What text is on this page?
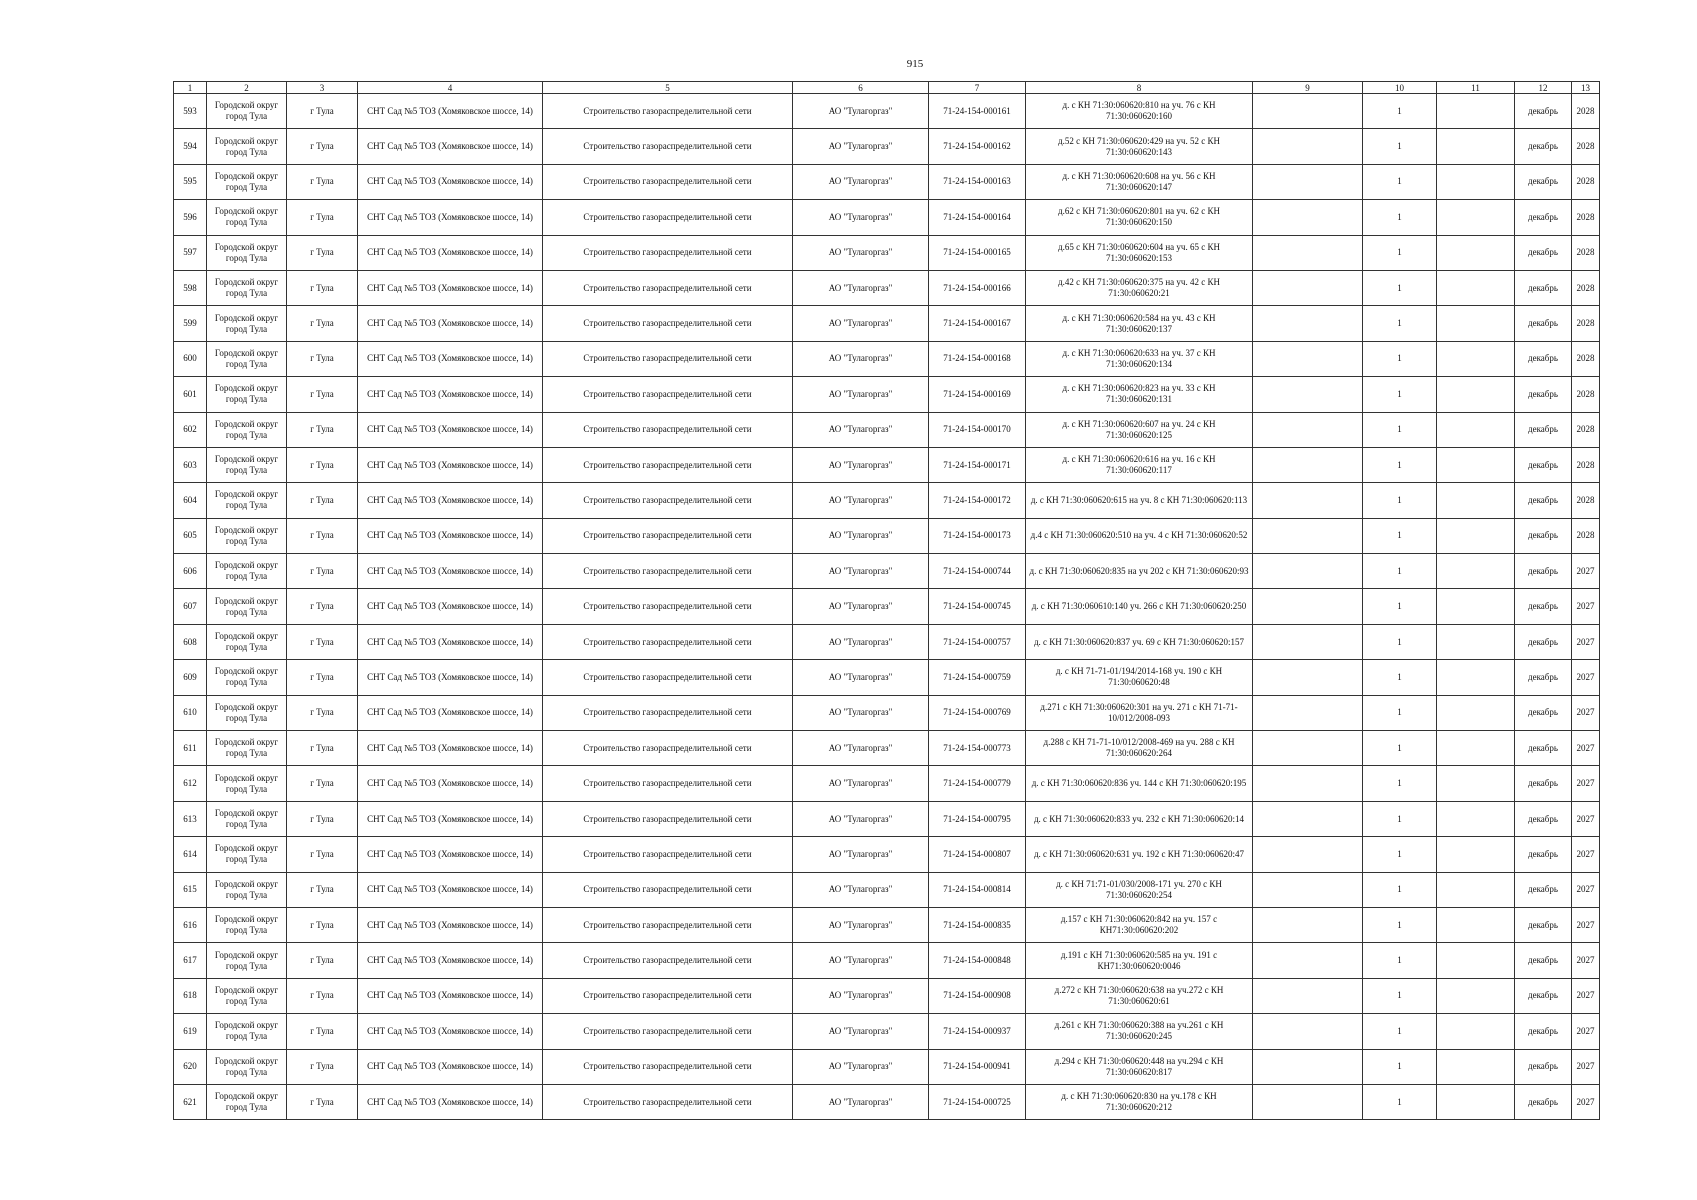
915
1	2	3	4	5	6	7	8	9	10	11	12	13
593	Городской округ город Тула	г Тула	СНТ Сад №5 ТОЗ (Хомяковское шоссе, 14)	Строительство газораспределительной сети	АО "Тулагоргаз"	71-24-154-000161	д. с КН 71:30:060620:810 на уч. 76 с КН 71:30:060620:160		1		декабрь	2028
594	Городской округ город Тула	г Тула	СНТ Сад №5 ТОЗ (Хомяковское шоссе, 14)	Строительство газораспределительной сети	АО "Тулагоргаз"	71-24-154-000162	д.52 с КН 71:30:060620:429 на уч. 52 с КН 71:30:060620:143		1		декабрь	2028
595	Городской округ город Тула	г Тула	СНТ Сад №5 ТОЗ (Хомяковское шоссе, 14)	Строительство газораспределительной сети	АО "Тулагоргаз"	71-24-154-000163	д. с КН 71:30:060620:608 на уч. 56 с КН 71:30:060620:147		1		декабрь	2028
596	Городской округ город Тула	г Тула	СНТ Сад №5 ТОЗ (Хомяковское шоссе, 14)	Строительство газораспределительной сети	АО "Тулагоргаз"	71-24-154-000164	д.62 с КН 71:30:060620:801 на уч. 62 с КН 71:30:060620:150		1		декабрь	2028
597	Городской округ город Тула	г Тула	СНТ Сад №5 ТОЗ (Хомяковское шоссе, 14)	Строительство газораспределительной сети	АО "Тулагоргаз"	71-24-154-000165	д.65 с КН 71:30:060620:604 на уч. 65 с КН 71:30:060620:153		1		декабрь	2028
598	Городской округ город Тула	г Тула	СНТ Сад №5 ТОЗ (Хомяковское шоссе, 14)	Строительство газораспределительной сети	АО "Тулагоргаз"	71-24-154-000166	д.42 с КН 71:30:060620:375 на уч. 42 с КН 71:30:060620:21		1		декабрь	2028
599	Городской округ город Тула	г Тула	СНТ Сад №5 ТОЗ (Хомяковское шоссе, 14)	Строительство газораспределительной сети	АО "Тулагоргаз"	71-24-154-000167	д. с КН 71:30:060620:584 на уч. 43 с КН 71:30:060620:137		1		декабрь	2028
600	Городской округ город Тула	г Тула	СНТ Сад №5 ТОЗ (Хомяковское шоссе, 14)	Строительство газораспределительной сети	АО "Тулагоргаз"	71-24-154-000168	д. с КН 71:30:060620:633 на уч. 37 с КН 71:30:060620:134		1		декабрь	2028
601	Городской округ город Тула	г Тула	СНТ Сад №5 ТОЗ (Хомяковское шоссе, 14)	Строительство газораспределительной сети	АО "Тулагоргаз"	71-24-154-000169	д. с КН 71:30:060620:823 на уч. 33 с КН 71:30:060620:131		1		декабрь	2028
602	Городской округ город Тула	г Тула	СНТ Сад №5 ТОЗ (Хомяковское шоссе, 14)	Строительство газораспределительной сети	АО "Тулагоргаз"	71-24-154-000170	д. с КН 71:30:060620:607 на уч. 24 с КН 71:30:060620:125		1		декабрь	2028
603	Городской округ город Тула	г Тула	СНТ Сад №5 ТОЗ (Хомяковское шоссе, 14)	Строительство газораспределительной сети	АО "Тулагоргаз"	71-24-154-000171	д. с КН 71:30:060620:616 на уч. 16 с КН 71:30:060620:117		1		декабрь	2028
604	Городской округ город Тула	г Тула	СНТ Сад №5 ТОЗ (Хомяковское шоссе, 14)	Строительство газораспределительной сети	АО "Тулагоргаз"	71-24-154-000172	д. с КН 71:30:060620:615 на уч. 8 с КН 71:30:060620:113		1		декабрь	2028
605	Городской округ город Тула	г Тула	СНТ Сад №5 ТОЗ (Хомяковское шоссе, 14)	Строительство газораспределительной сети	АО "Тулагоргаз"	71-24-154-000173	д.4 с КН 71:30:060620:510 на уч. 4 с КН 71:30:060620:52		1		декабрь	2028
606	Городской округ город Тула	г Тула	СНТ Сад №5 ТОЗ (Хомяковское шоссе, 14)	Строительство газораспределительной сети	АО "Тулагоргаз"	71-24-154-000744	д. с КН 71:30:060620:835 на уч 202 с КН 71:30:060620:93		1		декабрь	2027
607	Городской округ город Тула	г Тула	СНТ Сад №5 ТОЗ (Хомяковское шоссе, 14)	Строительство газораспределительной сети	АО "Тулагоргаз"	71-24-154-000745	д. с КН 71:30:060610:140 уч. 266 с КН 71:30:060620:250		1		декабрь	2027
608	Городской округ город Тула	г Тула	СНТ Сад №5 ТОЗ (Хомяковское шоссе, 14)	Строительство газораспределительной сети	АО "Тулагоргаз"	71-24-154-000757	д. с КН 71:30:060620:837 уч. 69 с КН 71:30:060620:157		1		декабрь	2027
609	Городской округ город Тула	г Тула	СНТ Сад №5 ТОЗ (Хомяковское шоссе, 14)	Строительство газораспределительной сети	АО "Тулагоргаз"	71-24-154-000759	д. с КН 71-71-01/194/2014-168 уч. 190 с КН 71:30:060620:48		1		декабрь	2027
610	Городской округ город Тула	г Тула	СНТ Сад №5 ТОЗ (Хомяковское шоссе, 14)	Строительство газораспределительной сети	АО "Тулагоргаз"	71-24-154-000769	д.271 с КН 71:30:060620:301 на уч. 271 с КН 71-71-10/012/2008-093		1		декабрь	2027
611	Городской округ город Тула	г Тула	СНТ Сад №5 ТОЗ (Хомяковское шоссе, 14)	Строительство газораспределительной сети	АО "Тулагоргаз"	71-24-154-000773	д.288 с КН 71-71-10/012/2008-469 на уч. 288 с КН 71:30:060620:264		1		декабрь	2027
612	Городской округ город Тула	г Тула	СНТ Сад №5 ТОЗ (Хомяковское шоссе, 14)	Строительство газораспределительной сети	АО "Тулагоргаз"	71-24-154-000779	д. с КН 71:30:060620:836 уч. 144 с КН 71:30:060620:195		1		декабрь	2027
613	Городской округ город Тула	г Тула	СНТ Сад №5 ТОЗ (Хомяковское шоссе, 14)	Строительство газораспределительной сети	АО "Тулагоргаз"	71-24-154-000795	д. с КН 71:30:060620:833 уч. 232 с КН 71:30:060620:14		1		декабрь	2027
614	Городской округ город Тула	г Тула	СНТ Сад №5 ТОЗ (Хомяковское шоссе, 14)	Строительство газораспределительной сети	АО "Тулагоргаз"	71-24-154-000807	д. с КН 71:30:060620:631 уч. 192 с КН 71:30:060620:47		1		декабрь	2027
615	Городской округ город Тула	г Тула	СНТ Сад №5 ТОЗ (Хомяковское шоссе, 14)	Строительство газораспределительной сети	АО "Тулагоргаз"	71-24-154-000814	д. с КН 71:71-01/030/2008-171 уч. 270 с КН 71:30:060620:254		1		декабрь	2027
616	Городской округ город Тула	г Тула	СНТ Сад №5 ТОЗ (Хомяковское шоссе, 14)	Строительство газораспределительной сети	АО "Тулагоргаз"	71-24-154-000835	д.157 с КН 71:30:060620:842 на уч. 157 с КН71:30:060620:202		1		декабрь	2027
617	Городской округ город Тула	г Тула	СНТ Сад №5 ТОЗ (Хомяковское шоссе, 14)	Строительство газораспределительной сети	АО "Тулагоргаз"	71-24-154-000848	д.191 с КН 71:30:060620:585 на уч. 191 с КН71:30:060620:0046		1		декабрь	2027
618	Городской округ город Тула	г Тула	СНТ Сад №5 ТОЗ (Хомяковское шоссе, 14)	Строительство газораспределительной сети	АО "Тулагоргаз"	71-24-154-000908	д.272 с КН 71:30:060620:638 на уч.272 с КН 71:30:060620:61		1		декабрь	2027
619	Городской округ город Тула	г Тула	СНТ Сад №5 ТОЗ (Хомяковское шоссе, 14)	Строительство газораспределительной сети	АО "Тулагоргаз"	71-24-154-000937	д.261 с КН 71:30:060620:388 на уч.261 с КН 71:30:060620:245		1		декабрь	2027
620	Городской округ город Тула	г Тула	СНТ Сад №5 ТОЗ (Хомяковское шоссе, 14)	Строительство газораспределительной сети	АО "Тулагоргаз"	71-24-154-000941	д.294 с КН 71:30:060620:448 на уч.294 с КН 71:30:060620:817		1		декабрь	2027
621	Городской округ город Тула	г Тула	СНТ Сад №5 ТОЗ (Хомяковское шоссе, 14)	Строительство газораспределительной сети	АО "Тулагоргаз"	71-24-154-000725	д. с КН 71:30:060620:830 на уч.178 с КН 71:30:060620:212		1		декабрь	2027
